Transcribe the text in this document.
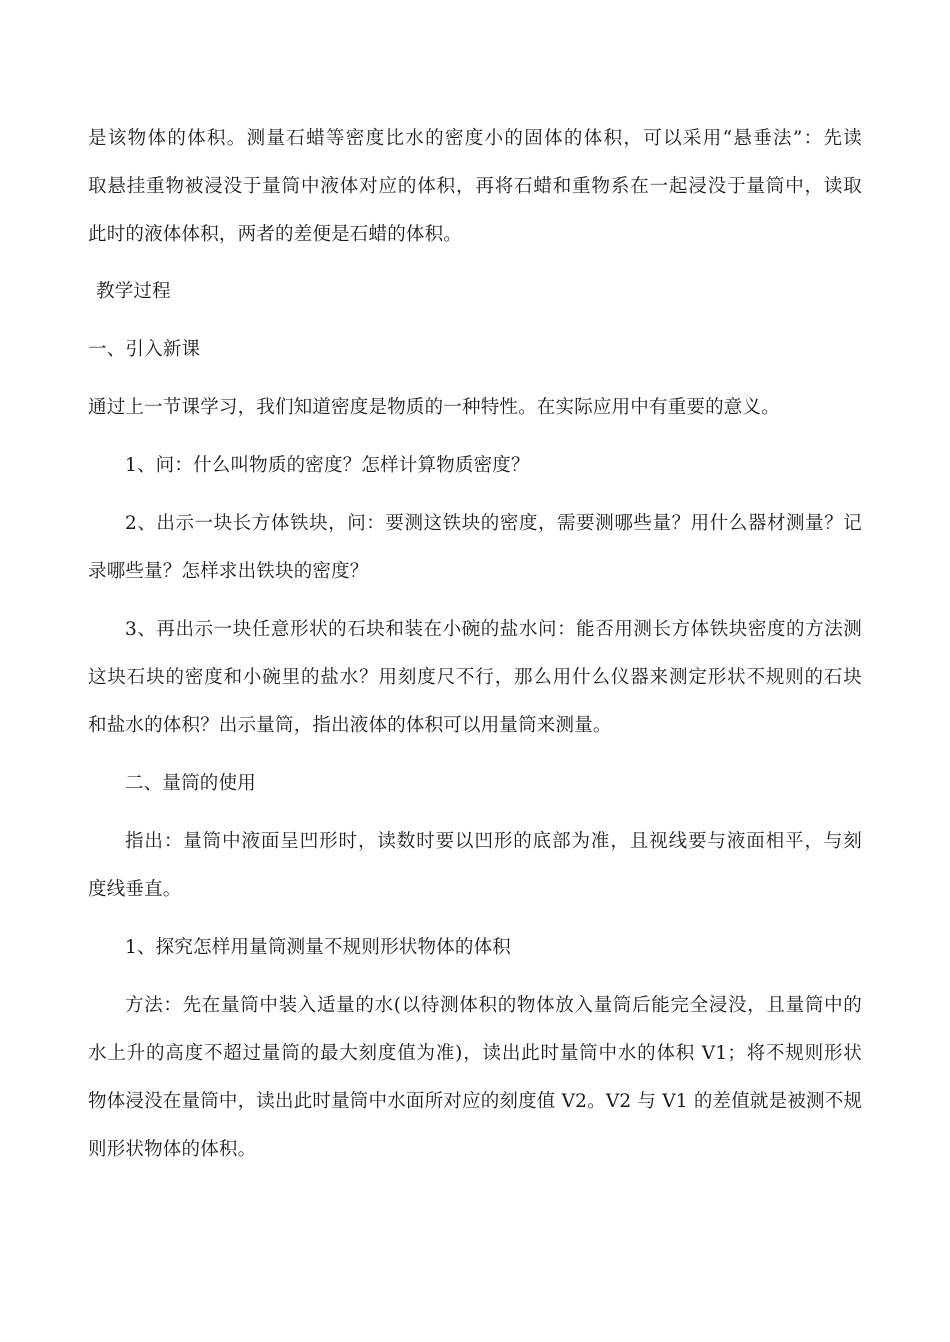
是该物体的体积。测量石蜡等密度比水的密度小的固体的体积，可以采用“悬垂法”：先读
取悬挂重物被浸没于量筒中液体对应的体积，再将石蜡和重物系在一起浸没于量筒中，读取
此时的液体体积，两者的差便是石蜡的体积。
教学过程
一、引入新课
通过上一节课学习，我们知道密度是物质的一种特性。在实际应用中有重要的意义。
1、问：什么叫物质的密度？怎样计算物质密度？
2、出示一块长方体铁块，问：要测这铁块的密度，需要测哪些量？用什么器材测量？记
录哪些量？怎样求出铁块的密度？
3、再出示一块任意形状的石块和装在小碗的盐水问：能否用测长方体铁块密度的方法测
这块石块的密度和小碗里的盐水？用刻度尺不行，那么用什么仪器来测定形状不规则的石块
和盐水的体积？出示量筒，指出液体的体积可以用量筒来测量。
二、量筒的使用
指出：量筒中液面呈凹形时，读数时要以凹形的底部为准，且视线要与液面相平，与刻
度线垂直。
1、探究怎样用量筒测量不规则形状物体的体积
方法：先在量筒中装入适量的水(以待测体积的物体放入量筒后能完全浸没，且量筒中的
水上升的高度不超过量筒的最大刻度值为准)，读出此时量筒中水的体积 V1；将不规则形状
物体浸没在量筒中，读出此时量筒中水面所对应的刻度值 V2。V2 与 V1 的差值就是被测不规
则形状物体的体积。
